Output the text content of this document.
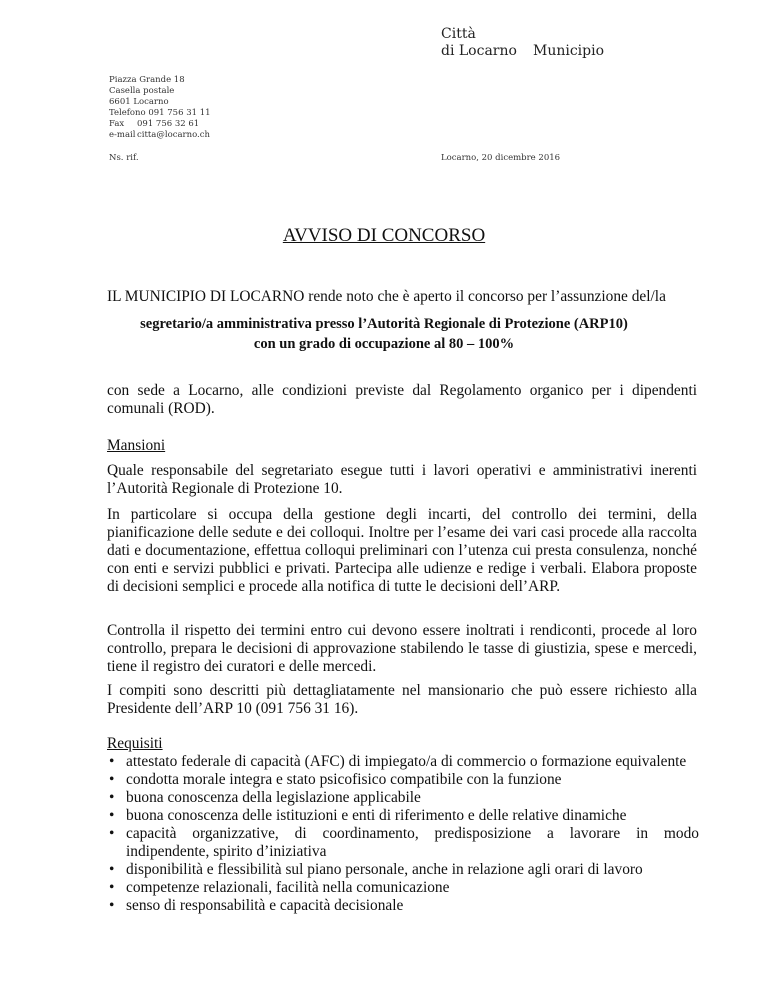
Città
di Locarno Municipio
Piazza Grande 18
Casella postale
6601 Locarno
Telefono 091 756 31 11
Fax 091 756 32 61
e-mail citta@locarno.ch
Ns. rif.	Locarno, 20 dicembre 2016
AVVISO DI CONCORSO
IL MUNICIPIO DI LOCARNO rende noto che è aperto il concorso per l’assunzione del/la
segretario/a amministrativa presso l’Autorità Regionale di Protezione (ARP10)
con un grado di occupazione al 80 – 100%
con sede a Locarno, alle condizioni previste dal Regolamento organico per i dipendenti comunali (ROD).
Mansioni
Quale responsabile del segretariato esegue tutti i lavori operativi e amministrativi inerenti l’Autorità Regionale di Protezione 10.
In particolare si occupa della gestione degli incarti, del controllo dei termini, della pianificazione delle sedute e dei colloqui. Inoltre per l’esame dei vari casi procede alla raccolta dati e documentazione, effettua colloqui preliminari con l’utenza cui presta consulenza, nonché con enti e servizi pubblici e privati. Partecipa alle udienze e redige i verbali. Elabora proposte di decisioni semplici e procede alla notifica di tutte le decisioni dell’ARP.
Controlla il rispetto dei termini entro cui devono essere inoltrati i rendiconti, procede al loro controllo, prepara le decisioni di approvazione stabilendo le tasse di giustizia, spese e mercedi, tiene il registro dei curatori e delle mercedi.
I compiti sono descritti più dettagliatamente nel mansionario che può essere richiesto alla Presidente dell’ARP 10 (091 756 31 16).
Requisiti
• attestato federale di capacità (AFC) di impiegato/a di commercio o formazione equivalente
• condotta morale integra e stato psicofisico compatibile con la funzione
• buona conoscenza della legislazione applicabile
• buona conoscenza delle istituzioni e enti di riferimento e delle relative dinamiche
• capacità organizzative, di coordinamento, predisposizione a lavorare in modo
indipendente, spirito d’iniziativa
• disponibilità e flessibilità sul piano personale, anche in relazione agli orari di lavoro
• competenze relazionali, facilità nella comunicazione
• senso di responsabilità e capacità decisionale
